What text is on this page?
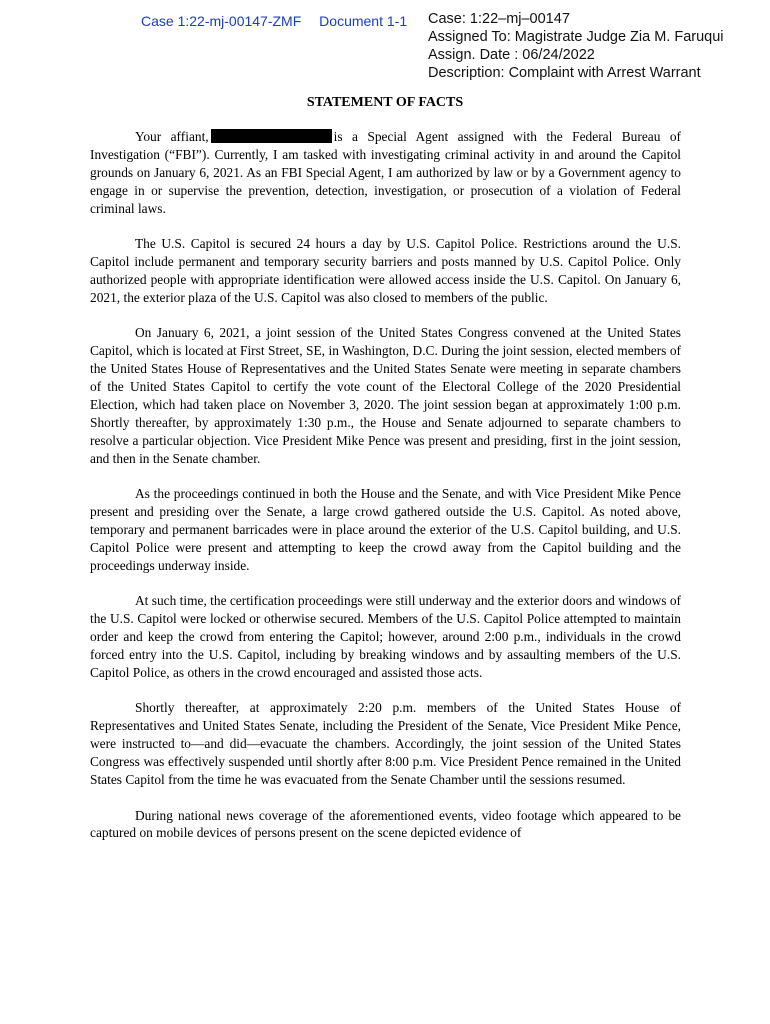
Case 1:22-mj-00147-ZMF Document 1-1 Case: 1:22–mj–00147
Assigned To: Magistrate Judge Zia M. Faruqui
Assign. Date : 06/24/2022
Description: Complaint with Arrest Warrant
STATEMENT OF FACTS

Your affiant,	is a Special Agent assigned with the Federal Bureau of Investigation (“FBI”). Currently, I am tasked with investigating criminal activity in and around the Capitol grounds on January 6, 2021. As an FBI Special Agent, I am authorized by law or by a Government agency to engage in or supervise the prevention, detection, investigation, or prosecution of a violation of Federal criminal laws.

The U.S. Capitol is secured 24 hours a day by U.S. Capitol Police. Restrictions around the U.S. Capitol include permanent and temporary security barriers and posts manned by U.S. Capitol Police. Only authorized people with appropriate identification were allowed access inside the U.S. Capitol. On January 6, 2021, the exterior plaza of the U.S. Capitol was also closed to members of the public.

On January 6, 2021, a joint session of the United States Congress convened at the United States Capitol, which is located at First Street, SE, in Washington, D.C. During the joint session, elected members of the United States House of Representatives and the United States Senate were meeting in separate chambers of the United States Capitol to certify the vote count of the Electoral College of the 2020 Presidential Election, which had taken place on November 3, 2020. The joint session began at approximately 1:00 p.m. Shortly thereafter, by approximately 1:30 p.m., the House and Senate adjourned to separate chambers to resolve a particular objection. Vice President Mike Pence was present and presiding, first in the joint session, and then in the Senate chamber.

As the proceedings continued in both the House and the Senate, and with Vice President Mike Pence present and presiding over the Senate, a large crowd gathered outside the U.S. Capitol. As noted above, temporary and permanent barricades were in place around the exterior of the U.S. Capitol building, and U.S. Capitol Police were present and attempting to keep the crowd away from the Capitol building and the proceedings underway inside.

At such time, the certification proceedings were still underway and the exterior doors and windows of the U.S. Capitol were locked or otherwise secured. Members of the U.S. Capitol Police attempted to maintain order and keep the crowd from entering the Capitol; however, around 2:00 p.m., individuals in the crowd forced entry into the U.S. Capitol, including by breaking windows and by assaulting members of the U.S. Capitol Police, as others in the crowd encouraged and assisted those acts.

Shortly thereafter, at approximately 2:20 p.m. members of the United States House of Representatives and United States Senate, including the President of the Senate, Vice President Mike Pence, were instructed to—and did—evacuate the chambers. Accordingly, the joint session of the United States Congress was effectively suspended until shortly after 8:00 p.m. Vice President Pence remained in the United States Capitol from the time he was evacuated from the Senate Chamber until the sessions resumed.

During national news coverage of the aforementioned events, video footage which appeared to be captured on mobile devices of persons present on the scene depicted evidence of
